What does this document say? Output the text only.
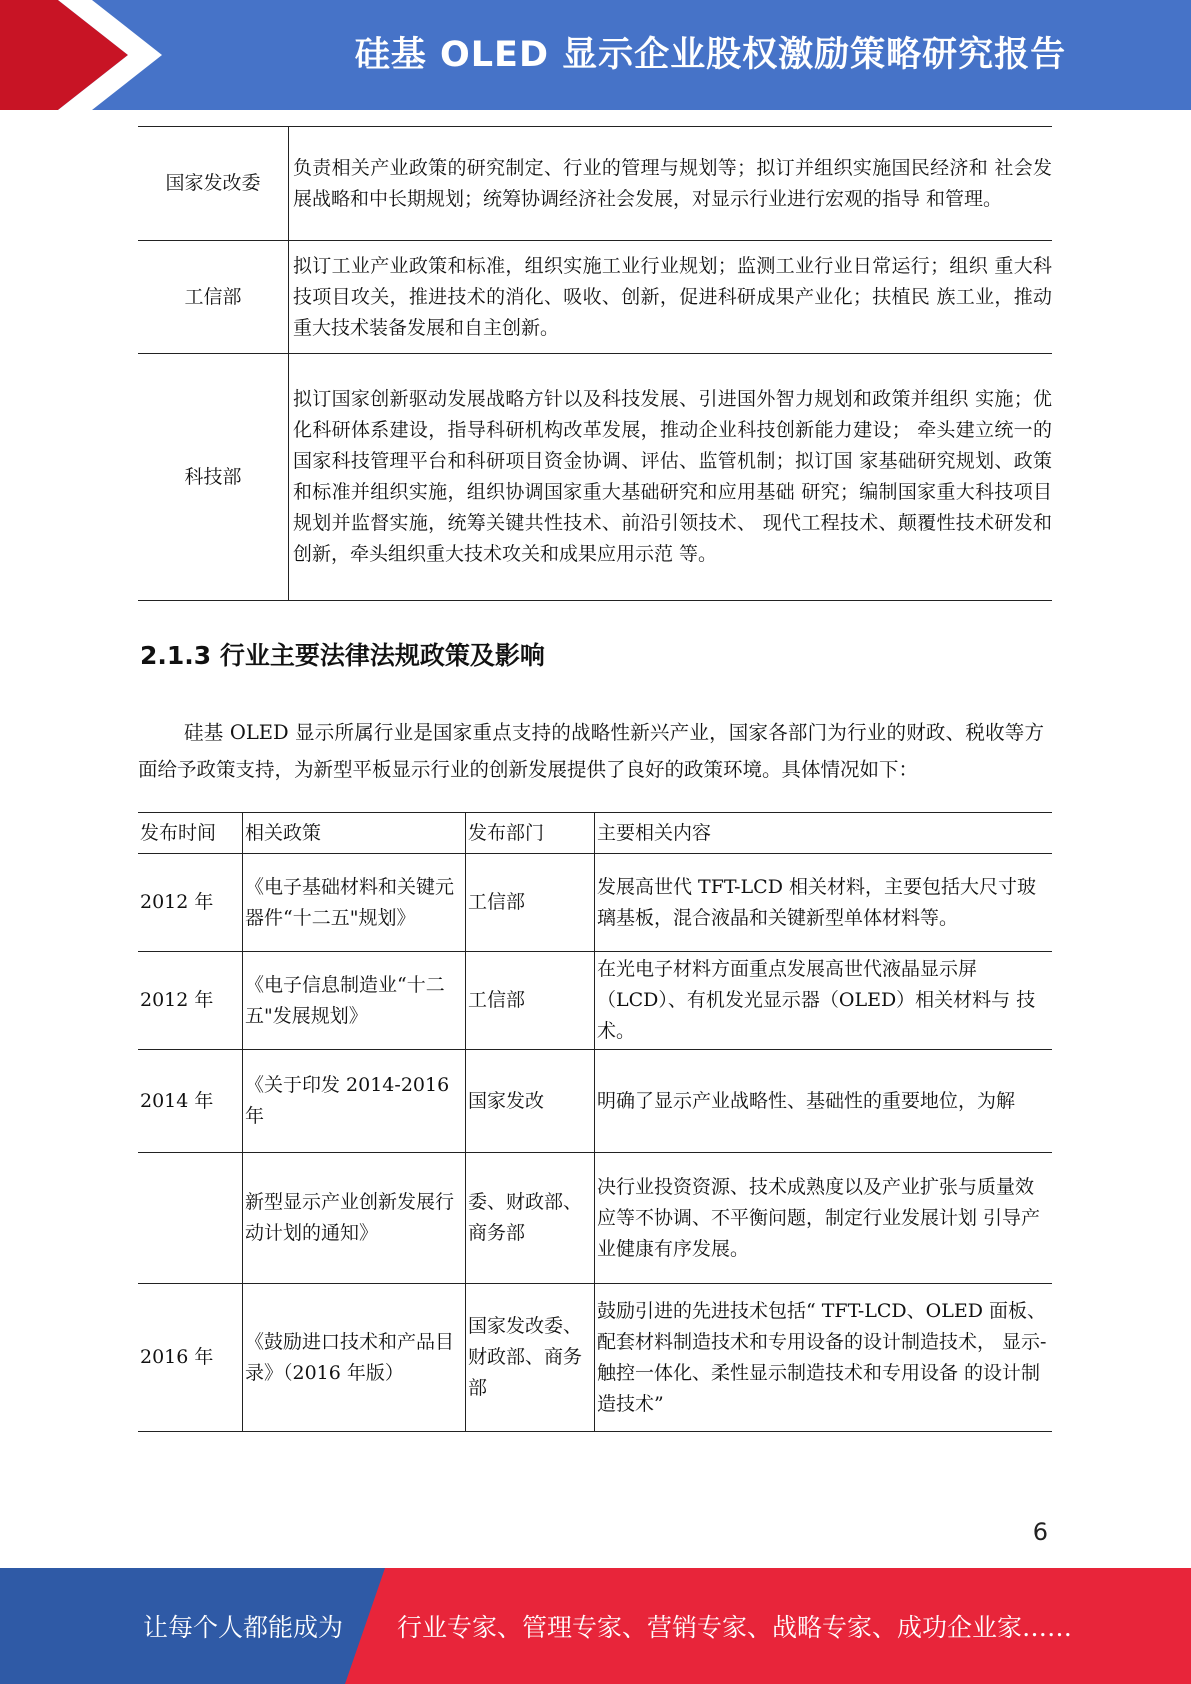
硅基 OLED 显示企业股权激励策略研究报告
国家发改委	负责相关产业政策的研究制定、行业的管理与规划等；拟订并组织实施国民经济和 社会发展战略和中长期规划；统筹协调经济社会发展，对显示行业进行宏观的指导 和管理。
工信部	拟订工业产业政策和标准，组织实施工业行业规划；监测工业行业日常运行；组织 重大科技项目攻关，推进技术的消化、吸收、创新，促进科研成果产业化；扶植民 族工业，推动重大技术装备发展和自主创新。
科技部	拟订国家创新驱动发展战略方针以及科技发展、引进国外智力规划和政策并组织 实施；优化科研体系建设，指导科研机构改革发展，推动企业科技创新能力建设； 牵头建立统一的国家科技管理平台和科研项目资金协调、评估、监管机制；拟订国 家基础研究规划、政策和标准并组织实施，组织协调国家重大基础研究和应用基础 研究；编制国家重大科技项目规划并监督实施，统筹关键共性技术、前沿引领技术、 现代工程技术、颠覆性技术研发和创新，牵头组织重大技术攻关和成果应用示范 等。
2.1.3 行业主要法律法规政策及影响
硅基 OLED 显示所属行业是国家重点支持的战略性新兴产业，国家各部门为行业的财政、税收等方面给予政策支持，为新型平板显示行业的创新发展提供了良好的政策环境。具体情况如下：
发布时间	相关政策	发布部门	主要相关内容
2012 年	《电子基础材料和关键元器件“十二五"规划》	工信部	发展高世代 TFT-LCD 相关材料，主要包括大尺寸玻璃基板，混合液晶和关键新型单体材料等。
2012 年	《电子信息制造业“十二五"发展规划》	工信部	在光电子材料方面重点发展高世代液晶显示屏（LCD）、有机发光显示器（OLED）相关材料与 技术。
2014 年	《关于印发 2014-2016 年	国家发改	明确了显示产业战略性、基础性的重要地位，为解
	新型显示产业创新发展行动计划的通知》	委、财政部、商务部	决行业投资资源、技术成熟度以及产业扩张与质量效应等不协调、不平衡问题，制定行业发展计划 引导产业健康有序发展。
2016 年	《鼓励进口技术和产品目录》（2016 年版）	国家发改委、财政部、商务部	鼓励引进的先进技术包括“ TFT-LCD、OLED 面板、 配套材料制造技术和专用设备的设计制造技术， 显示-触控一体化、柔性显示制造技术和专用设备 的设计制造技术”
6
让每个人都能成为 行业专家、管理专家、营销专家、战略专家、成功企业家……
